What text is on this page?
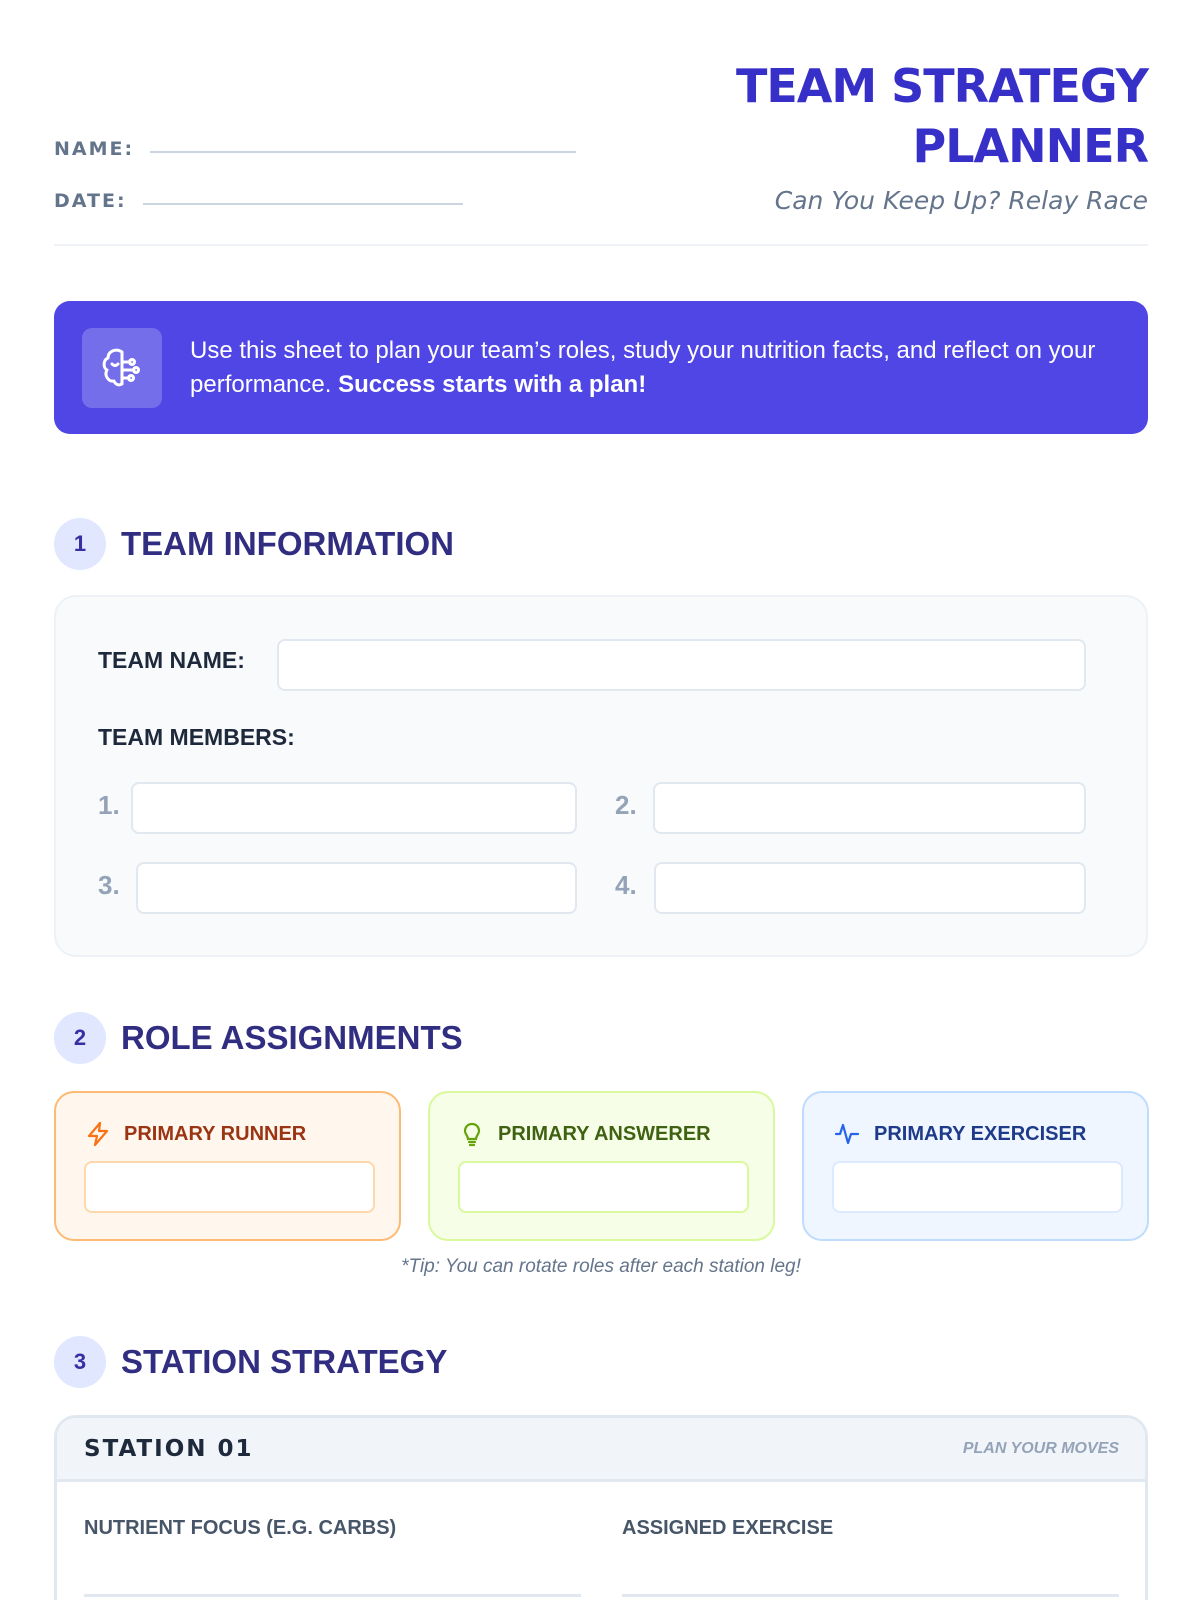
NAME:
DATE:
TEAM STRATEGY
PLANNER
Can You Keep Up? Relay Race
Use this sheet to plan your team’s roles, study your nutrition facts, and reflect on your performance. Success starts with a plan!
1	TEAM INFORMATION
TEAM NAME:
TEAM MEMBERS:
1.	2.
3.	4.
2	ROLE ASSIGNMENTS
PRIMARY RUNNER	PRIMARY ANSWERER	PRIMARY EXERCISER
*Tip: You can rotate roles after each station leg!
3	STATION STRATEGY
STATION 01	PLAN YOUR MOVES
NUTRIENT FOCUS (E.G. CARBS)	ASSIGNED EXERCISE
